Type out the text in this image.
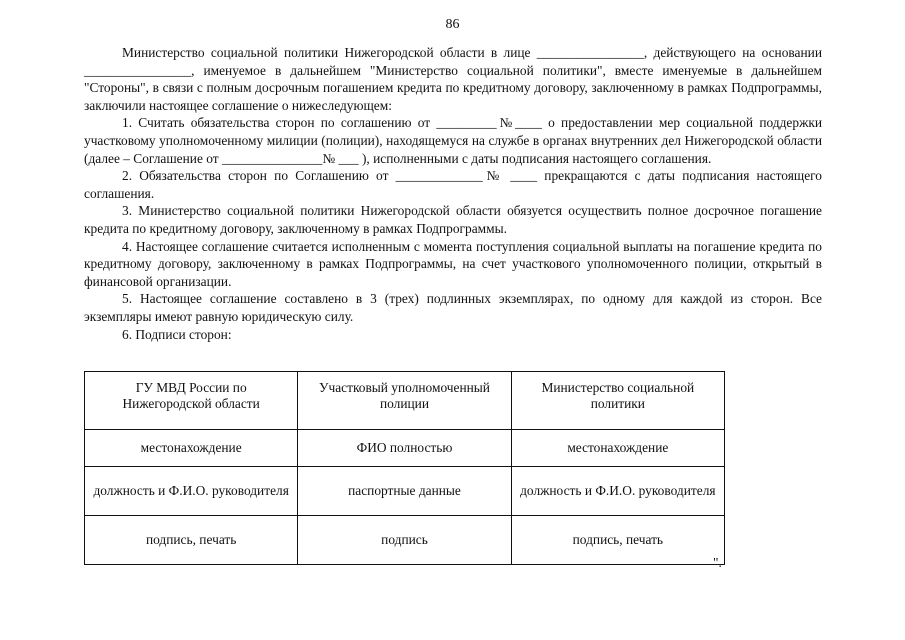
86

Министерство социальной политики Нижегородской области в лице ________________, действующего на основании ________________, именуемое в дальнейшем "Министерство социальной политики", вместе именуемые в дальнейшем "Стороны", в связи с полным досрочным погашением кредита по кредитному договору, заключенному в рамках Подпрограммы, заключили настоящее соглашение о нижеследующем:

1. Считать обязательства сторон по соглашению от _________№____ о предоставлении мер социальной поддержки участковому уполномоченному милиции (полиции), находящемуся на службе в органах внутренних дел Нижегородской области (далее – Соглашение от _______________№ ___ ), исполненными с даты подписания настоящего соглашения.

2. Обязательства сторон по Соглашению от _____________№ ____ прекращаются с даты подписания настоящего соглашения.

3. Министерство социальной политики Нижегородской области обязуется осуществить полное досрочное погашение кредита по кредитному договору, заключенному в рамках Подпрограммы.

4. Настоящее соглашение считается исполненным с момента поступления социальной выплаты на погашение кредита по кредитному договору, заключенному в рамках Подпрограммы, на счет участкового уполномоченного полиции, открытый в финансовой организации.

5. Настоящее соглашение составлено в 3 (трех) подлинных экземплярах, по одному для каждой из сторон. Все экземпляры имеют равную юридическую силу.

6. Подписи сторон:

ГУ МВД России по Нижегородской области	Участковый уполномоченный полиции	Министерство социальной политики
местонахождение	ФИО полностью	местонахождение
должность и Ф.И.О. руководителя	паспортные данные	должность и Ф.И.О. руководителя
подпись, печать	подпись	подпись, печать
".
